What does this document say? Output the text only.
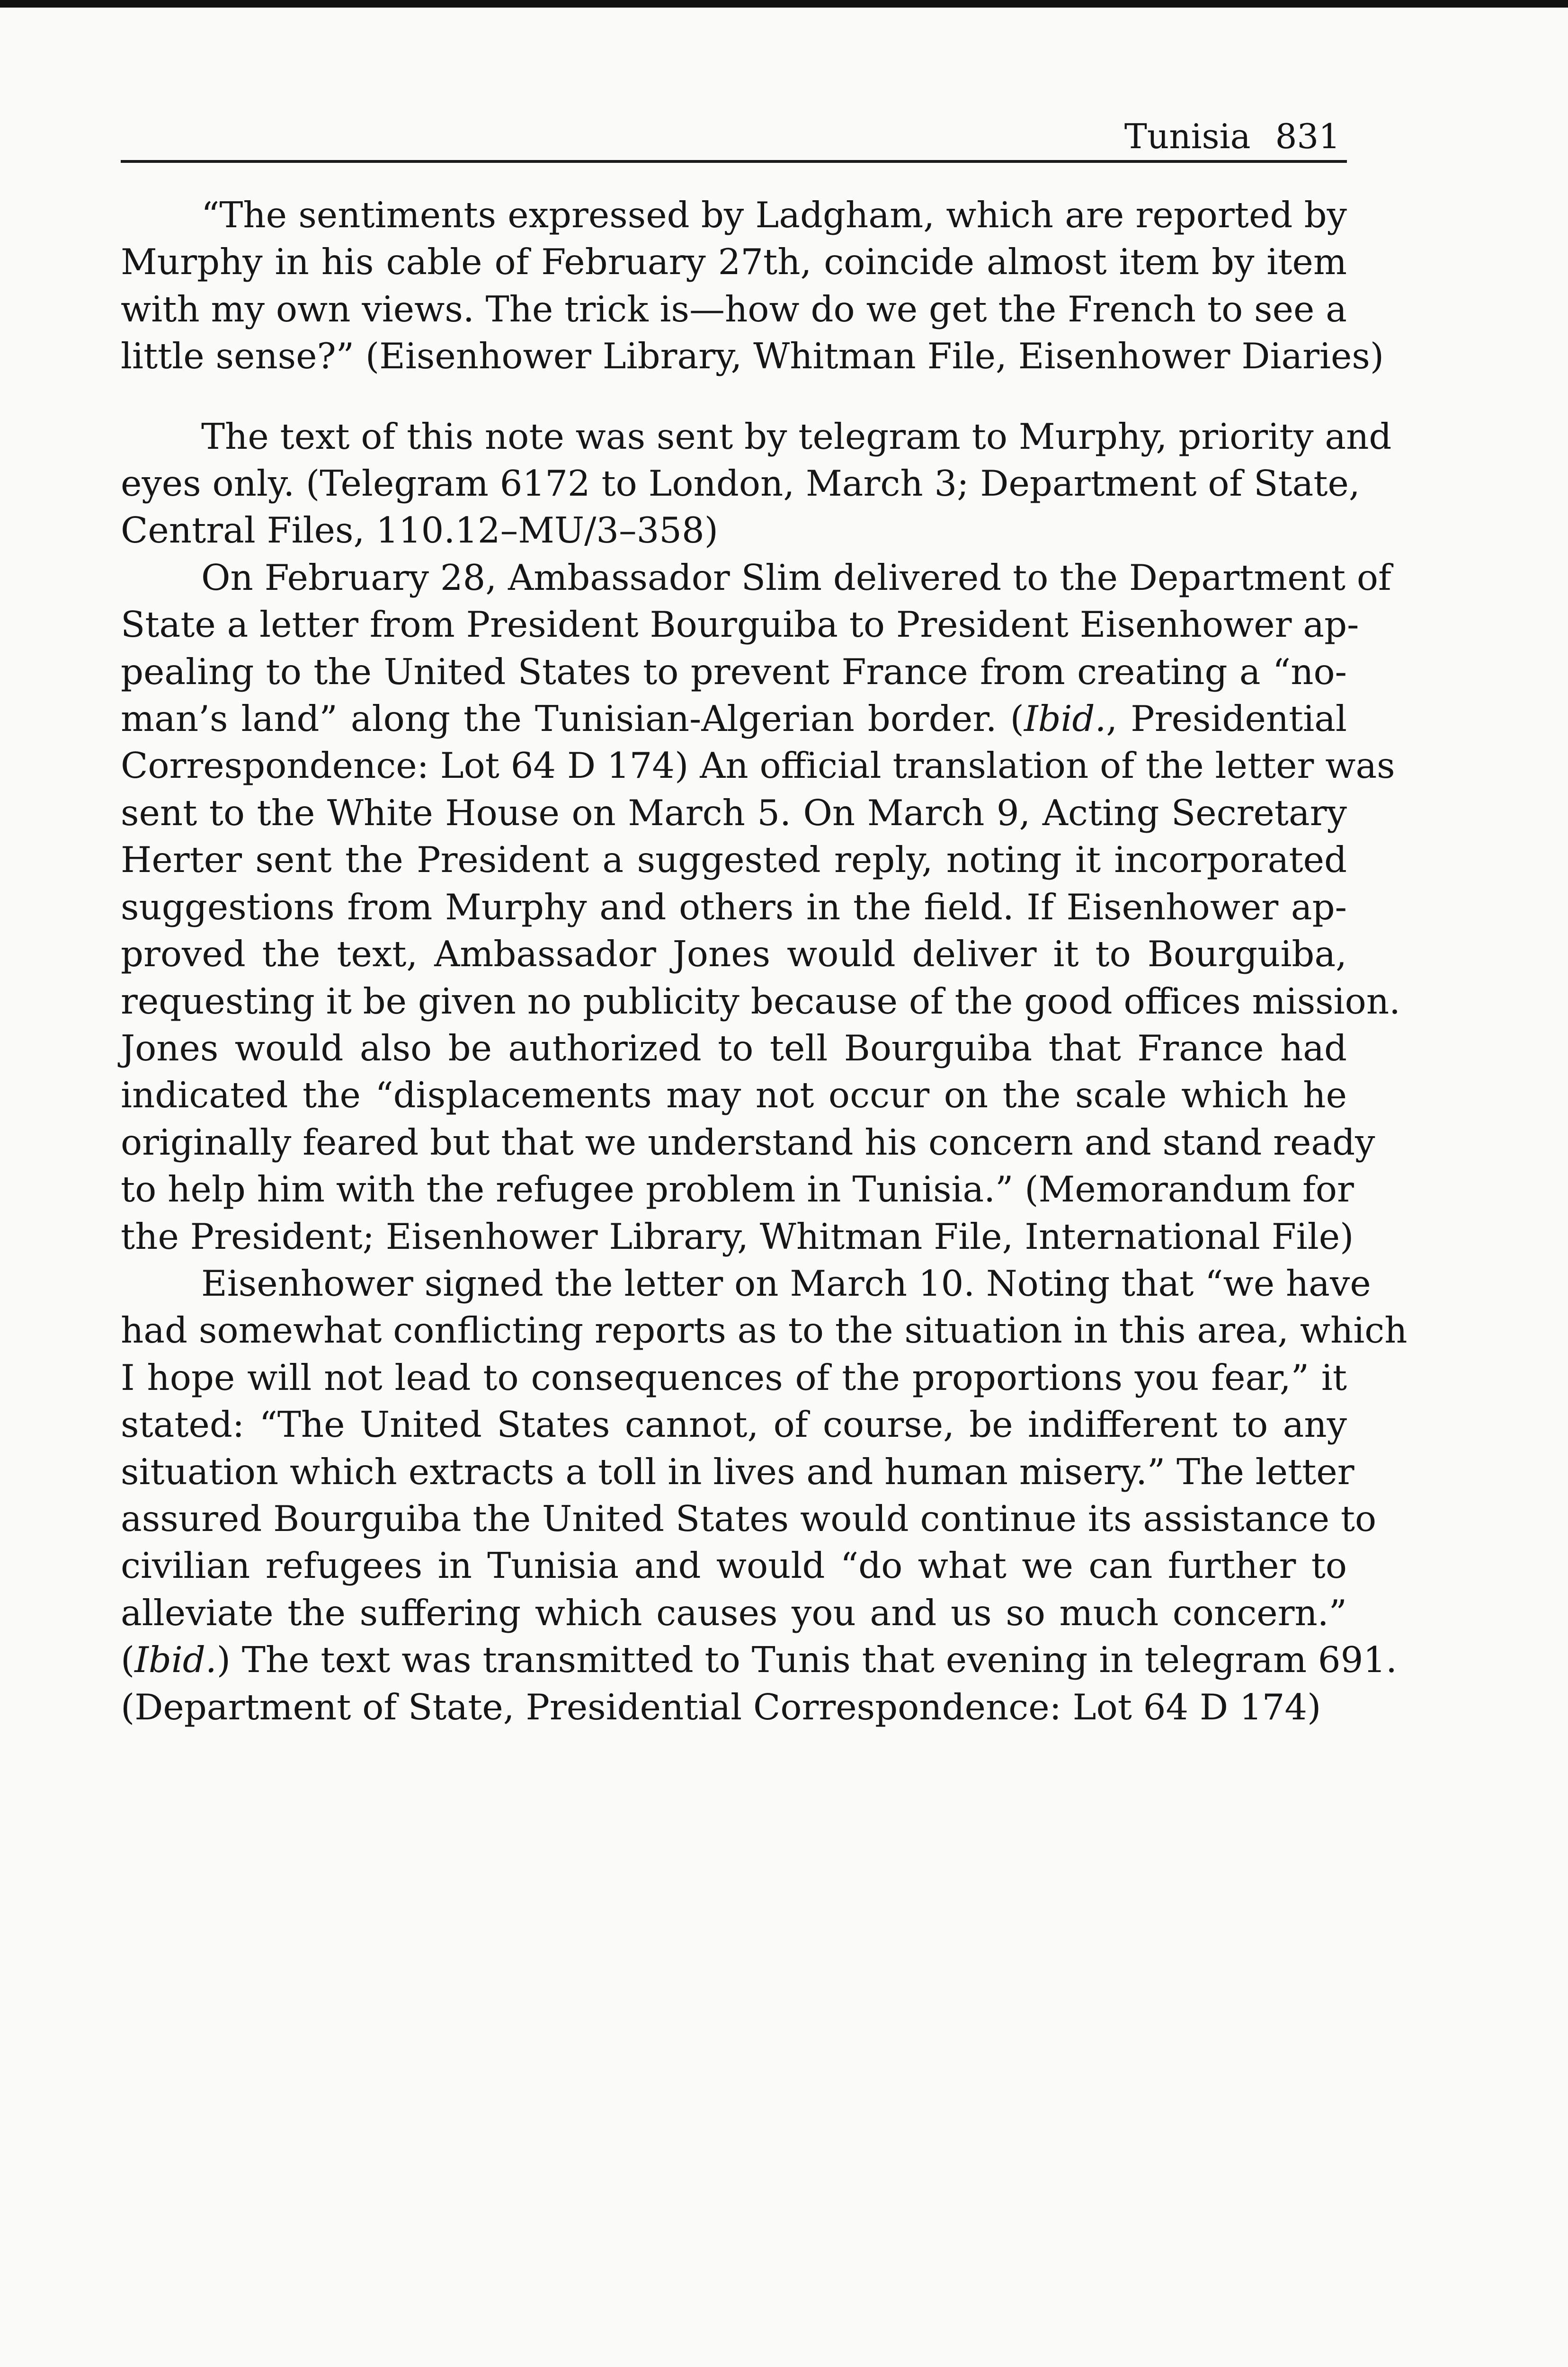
Tunisia 831

“The sentiments expressed by Ladgham, which are reported by
Murphy in his cable of February 27th, coincide almost item by item
with my own views. The trick is—how do we get the French to see a
little sense?” (Eisenhower Library, Whitman File, Eisenhower Diaries)

The text of this note was sent by telegram to Murphy, priority and
eyes only. (Telegram 6172 to London, March 3; Department of State,
Central Files, 110.12–MU/3–358)

On February 28, Ambassador Slim delivered to the Department of
State a letter from President Bourguiba to President Eisenhower ap-
pealing to the United States to prevent France from creating a “no-
man’s land” along the Tunisian-Algerian border. (Ibid., Presidential
Correspondence: Lot 64 D 174) An official translation of the letter was
sent to the White House on March 5. On March 9, Acting Secretary
Herter sent the President a suggested reply, noting it incorporated
suggestions from Murphy and others in the field. If Eisenhower ap-
proved the text, Ambassador Jones would deliver it to Bourguiba,
requesting it be given no publicity because of the good offices mission.
Jones would also be authorized to tell Bourguiba that France had
indicated the “displacements may not occur on the scale which he
originally feared but that we understand his concern and stand ready
to help him with the refugee problem in Tunisia.” (Memorandum for
the President; Eisenhower Library, Whitman File, International File)

Eisenhower signed the letter on March 10. Noting that “we have
had somewhat conflicting reports as to the situation in this area, which
I hope will not lead to consequences of the proportions you fear,” it
stated: “The United States cannot, of course, be indifferent to any
situation which extracts a toll in lives and human misery.” The letter
assured Bourguiba the United States would continue its assistance to
civilian refugees in Tunisia and would “do what we can further to
alleviate the suffering which causes you and us so much concern.”
(Ibid.) The text was transmitted to Tunis that evening in telegram 691.
(Department of State, Presidential Correspondence: Lot 64 D 174)
